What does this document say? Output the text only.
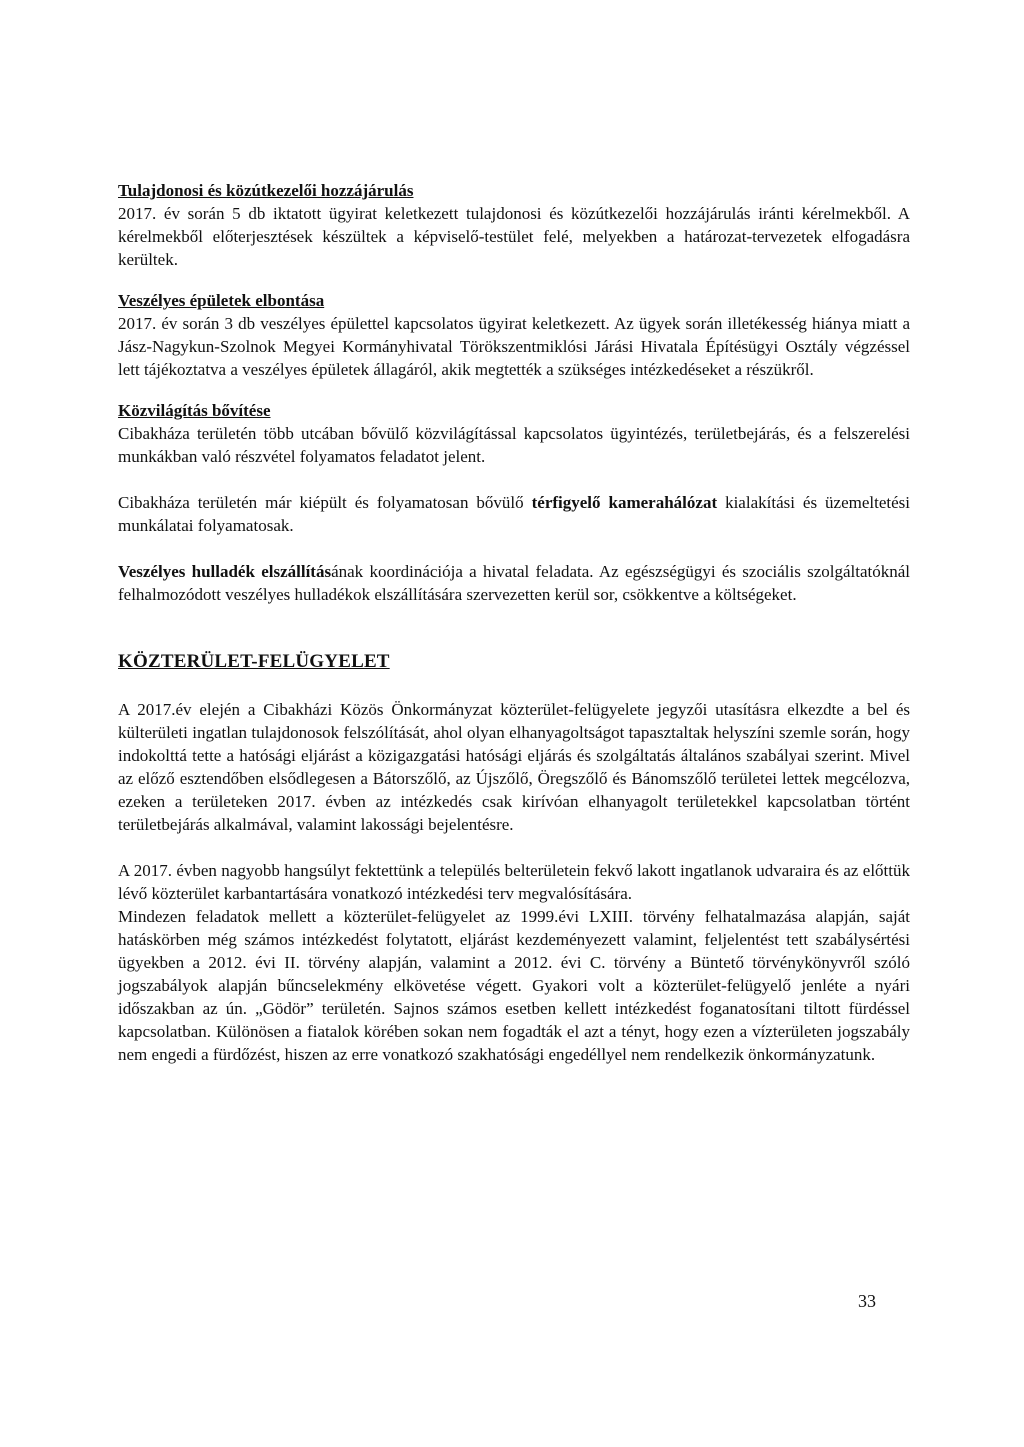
Tulajdonosi és közútkezelői hozzájárulás

2017. év során 5 db iktatott ügyirat keletkezett tulajdonosi és közútkezelői hozzájárulás iránti kérelmekből. A kérelmekből előterjesztések készültek a képviselő-testület felé, melyekben a határozat-tervezetek elfogadásra kerültek.

Veszélyes épületek elbontása

2017. év során 3 db veszélyes épülettel kapcsolatos ügyirat keletkezett. Az ügyek során illetékesség hiánya miatt a Jász-Nagykun-Szolnok Megyei Kormányhivatal Törökszentmiklósi Járási Hivatala Építésügyi Osztály végzéssel lett tájékoztatva a veszélyes épületek állagáról, akik megtették a szükséges intézkedéseket a részükről.

Közvilágítás bővítése

Cibakháza területén több utcában bővülő közvilágítással kapcsolatos ügyintézés, területbejárás, és a felszerelési munkákban való részvétel folyamatos feladatot jelent.

Cibakháza területén már kiépült és folyamatosan bővülő térfigyelő kamerahálózat kialakítási és üzemeltetési munkálatai folyamatosak.

Veszélyes hulladék elszállításának koordinációja a hivatal feladata. Az egészségügyi és szociális szolgáltatóknál felhalmozódott veszélyes hulladékok elszállítására szervezetten kerül sor, csökkentve a költségeket.

KÖZTERÜLET-FELÜGYELET

A 2017.év elején a Cibakházi Közös Önkormányzat közterület-felügyelete jegyzői utasításra elkezdte a bel és külterületi ingatlan tulajdonosok felszólítását, ahol olyan elhanyagoltságot tapasztaltak helyszíni szemle során, hogy indokolttá tette a hatósági eljárást a közigazgatási hatósági eljárás és szolgáltatás általános szabályai szerint. Mivel az előző esztendőben elsődlegesen a Bátorszőlő, az Újszőlő, Öregszőlő és Bánomszőlő területei lettek megcélozva, ezeken a területeken 2017. évben az intézkedés csak kirívóan elhanyagolt területekkel kapcsolatban történt területbejárás alkalmával, valamint lakossági bejelentésre.

A 2017. évben nagyobb hangsúlyt fektettünk a település belterületein fekvő lakott ingatlanok udvaraira és az előttük lévő közterület karbantartására vonatkozó intézkedési terv megvalósítására.

Mindezen feladatok mellett a közterület-felügyelet az 1999.évi LXIII. törvény felhatalmazása alapján, saját hatáskörben még számos intézkedést folytatott, eljárást kezdeményezett valamint, feljelentést tett szabálysértési ügyekben a 2012. évi II. törvény alapján, valamint a 2012. évi C. törvény a Büntető törvénykönyvről szóló jogszabályok alapján bűncselekmény elkövetése végett. Gyakori volt a közterület-felügyelő jenléte a nyári időszakban az ún. „Gödör” területén. Sajnos számos esetben kellett intézkedést foganatosítani tiltott fürdéssel kapcsolatban. Különösen a fiatalok körében sokan nem fogadták el azt a tényt, hogy ezen a vízterületen jogszabály nem engedi a fürdőzést, hiszen az erre vonatkozó szakhatósági engedéllyel nem rendelkezik önkormányzatunk.

33
